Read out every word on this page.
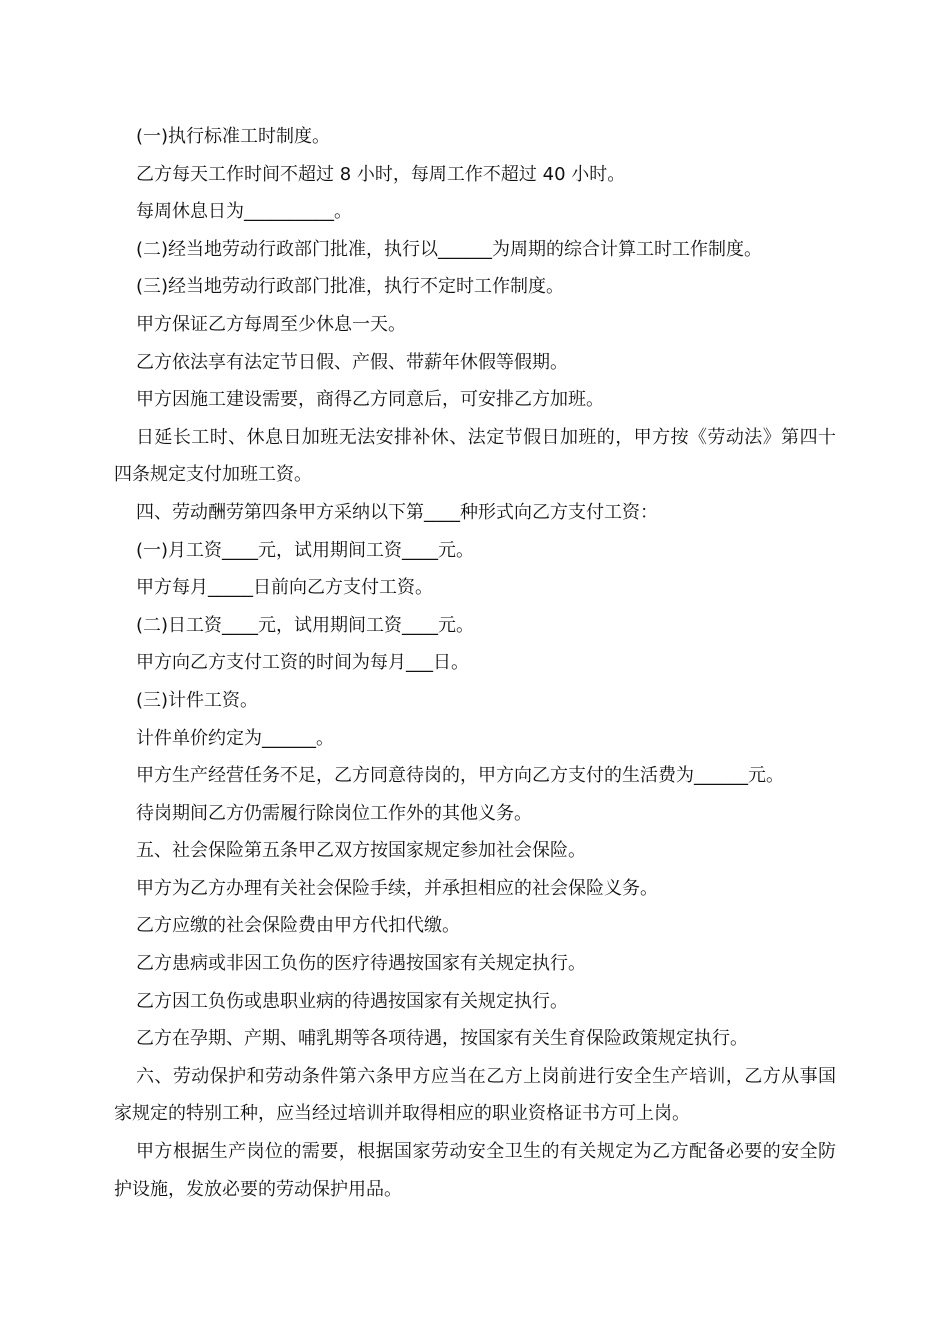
(一)执行标准工时制度。

乙方每天工作时间不超过 8 小时，每周工作不超过 40 小时。

每周休息日为__________。

(二)经当地劳动行政部门批准，执行以______为周期的综合计算工时工作制度。

(三)经当地劳动行政部门批准，执行不定时工作制度。

甲方保证乙方每周至少休息一天。

乙方依法享有法定节日假、产假、带薪年休假等假期。

甲方因施工建设需要，商得乙方同意后，可安排乙方加班。

日延长工时、休息日加班无法安排补休、法定节假日加班的，甲方按《劳动法》第四十四条规定支付加班工资。

四、劳动酬劳第四条甲方采纳以下第____种形式向乙方支付工资：

(一)月工资____元，试用期间工资____元。

甲方每月_____日前向乙方支付工资。

(二)日工资____元，试用期间工资____元。

甲方向乙方支付工资的时间为每月___日。

(三)计件工资。

计件单价约定为______。

甲方生产经营任务不足，乙方同意待岗的，甲方向乙方支付的生活费为______元。

待岗期间乙方仍需履行除岗位工作外的其他义务。

五、社会保险第五条甲乙双方按国家规定参加社会保险。

甲方为乙方办理有关社会保险手续，并承担相应的社会保险义务。

乙方应缴的社会保险费由甲方代扣代缴。

乙方患病或非因工负伤的医疗待遇按国家有关规定执行。

乙方因工负伤或患职业病的待遇按国家有关规定执行。

乙方在孕期、产期、哺乳期等各项待遇，按国家有关生育保险政策规定执行。

六、劳动保护和劳动条件第六条甲方应当在乙方上岗前进行安全生产培训，乙方从事国家规定的特别工种，应当经过培训并取得相应的职业资格证书方可上岗。

甲方根据生产岗位的需要，根据国家劳动安全卫生的有关规定为乙方配备必要的安全防护设施，发放必要的劳动保护用品。
